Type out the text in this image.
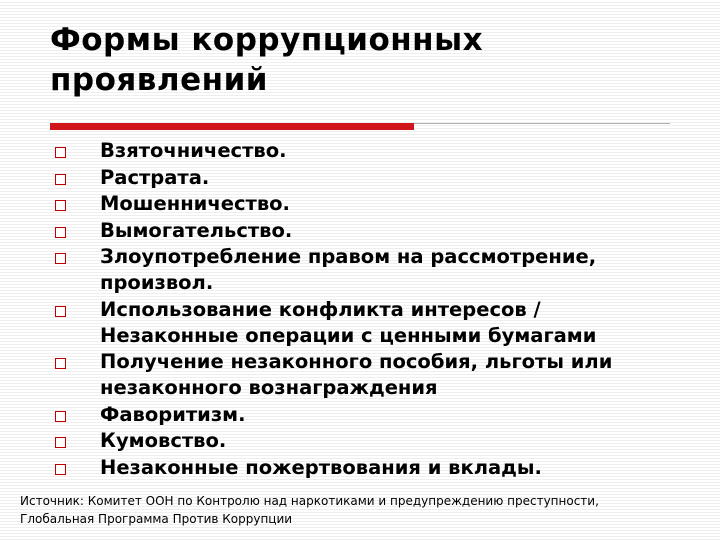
Формы коррупционных
проявлений
Взяточничество.
Растрата.
Мошенничество.
Вымогательство.
Злоупотребление правом на рассмотрение,
произвол.
Использование конфликта интересов /
Незаконные операции с ценными бумагами
Получение незаконного пособия, льготы или
незаконного вознаграждения
Фаворитизм.
Кумовство.
Незаконные пожертвования и вклады.
Источник: Комитет ООН по Контролю над наркотиками и предупреждению преступности,
Глобальная Программа Против Коррупции
